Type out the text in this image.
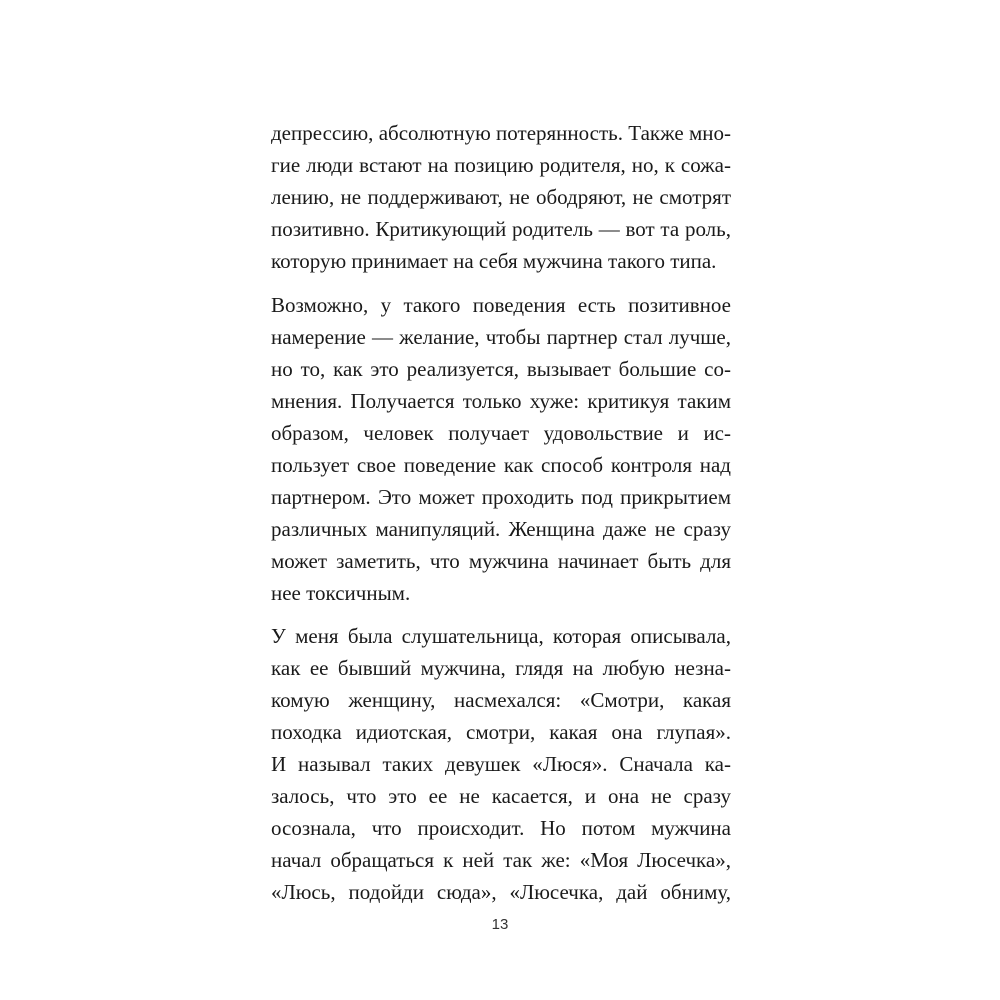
депрессию, абсолютную потерянность. Также мно-
гие люди встают на позицию родителя, но, к сожа-
лению, не поддерживают, не ободряют, не смотрят
позитивно. Критикующий родитель — вот та роль,
которую принимает на себя мужчина такого типа.
Возможно, у такого поведения есть позитивное
намерение — желание, чтобы партнер стал лучше,
но то, как это реализуется, вызывает большие со-
мнения. Получается только хуже: критикуя таким
образом, человек получает удовольствие и ис-
пользует свое поведение как способ контроля над
партнером. Это может проходить под прикрытием
различных манипуляций. Женщина даже не сразу
может заметить, что мужчина начинает быть для
нее токсичным.
У меня была слушательница, которая описывала,
как ее бывший мужчина, глядя на любую незна-
комую женщину, насмехался: «Смотри, какая
походка идиотская, смотри, какая она глупая».
И называл таких девушек «Люся». Сначала ка-
залось, что это ее не касается, и она не сразу
осознала, что происходит. Но потом мужчина
начал обращаться к ней так же: «Моя Люсечка»,
«Люсь, подойди сюда», «Люсечка, дай обниму,
13
